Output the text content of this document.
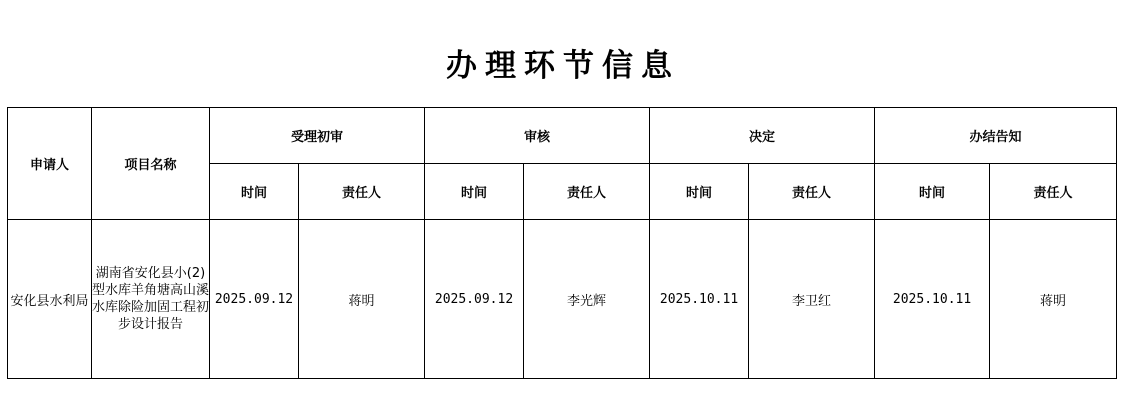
办理环节信息
申请人	项目名称	受理初审		审核		决定		办结告知	
		时间	责任人	时间	责任人	时间	责任人	时间	责任人
安化县水利局	湖南省安化县小(2) 型水库羊角塘高山溪水库除险加固工程初步设计报告	2025.09.12	蒋明	2025.09.12	李光辉	2025.10.11	李卫红	2025.10.11	蒋明
